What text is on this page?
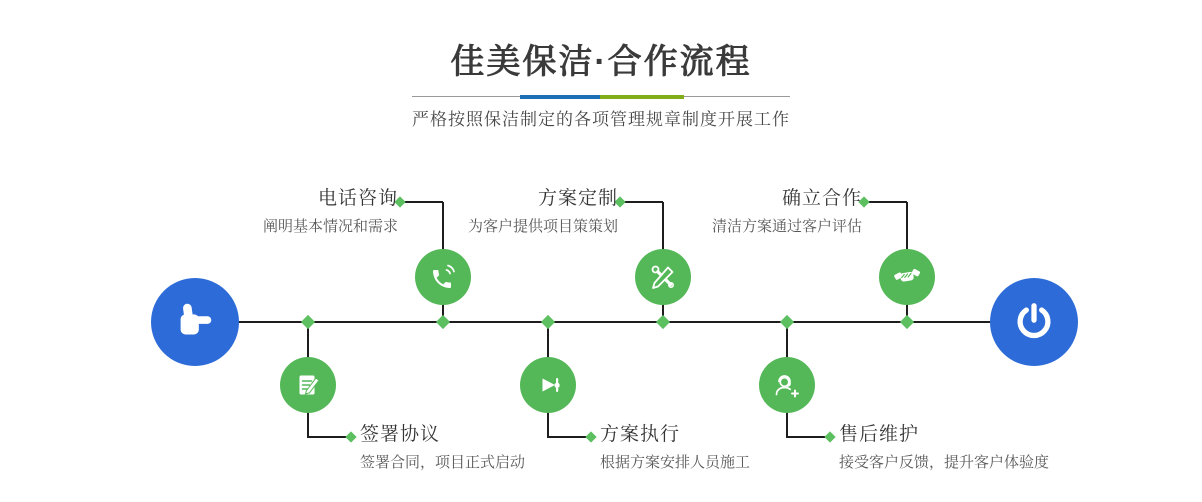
佳美保洁·合作流程

严格按照保洁制定的各项管理规章制度开展工作

电话咨询
阐明基本情况和需求
方案定制
为客户提供项目策策划
确立合作
清洁方案通过客户评估
签署协议
签署合同，项目正式启动
方案执行
根据方案安排人员施工
售后维护
接受客户反馈，提升客户体验度
